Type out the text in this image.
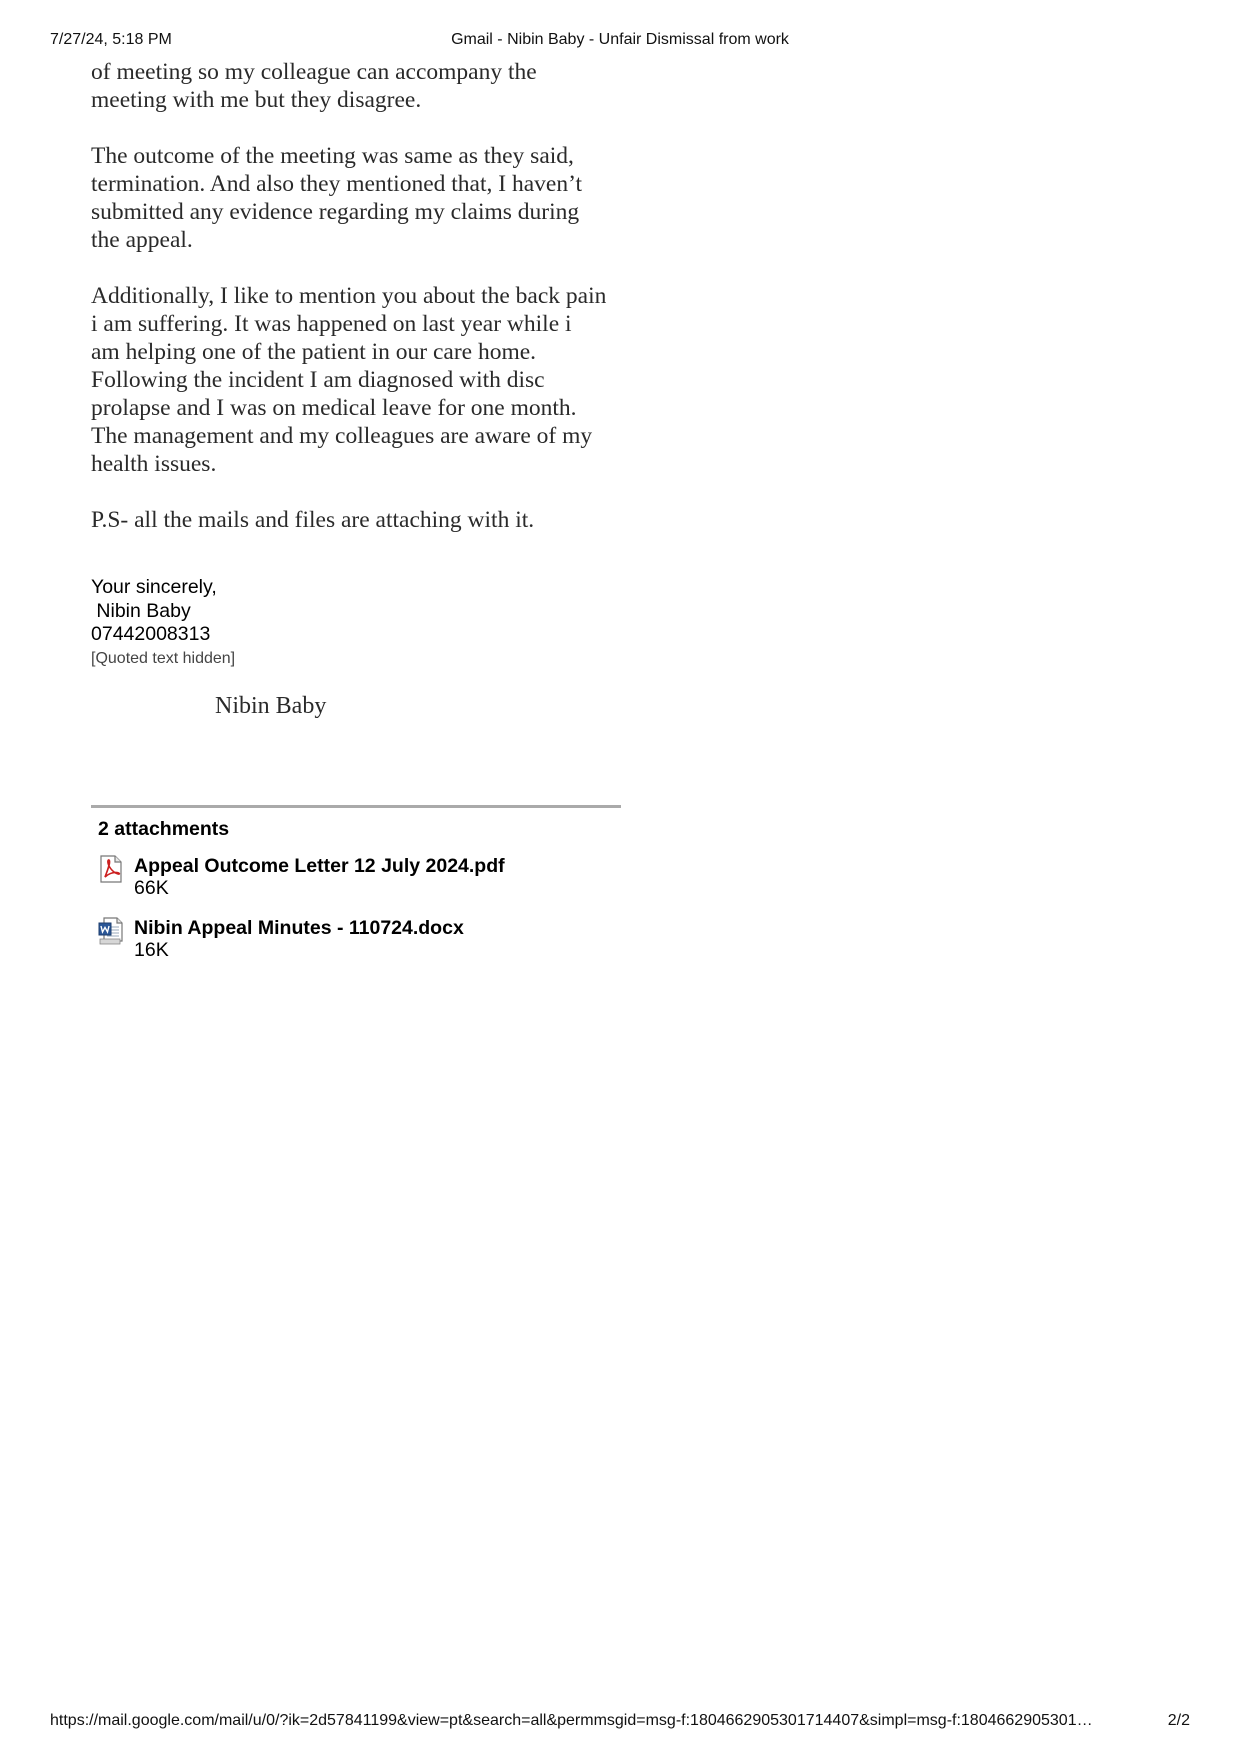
7/27/24, 5:18 PM	Gmail - Nibin Baby - Unfair Dismissal from work

of meeting so my colleague can accompany the
meeting with me but they disagree.

The outcome of the meeting was same as they said,
termination. And also they mentioned that, I haven’t
submitted any evidence regarding my claims during
the appeal.

Additionally, I like to mention you about the back pain
i am suffering. It was happened on last year while i
am helping one of the patient in our care home.
Following the incident I am diagnosed with disc
prolapse and I was on medical leave for one month.
The management and my colleagues are aware of my
health issues.

P.S- all the mails and files are attaching with it.

Your sincerely,
Nibin Baby
07442008313
[Quoted text hidden]
Nibin Baby
2 attachments
Appeal Outcome Letter 12 July 2024.pdf
66K
Nibin Appeal Minutes - 110724.docx
16K
https://mail.google.com/mail/u/0/?ik=2d57841199&view=pt&search=all&permmsgid=msg-f:1804662905301714407&simpl=msg-f:1804662905301…	2/2
